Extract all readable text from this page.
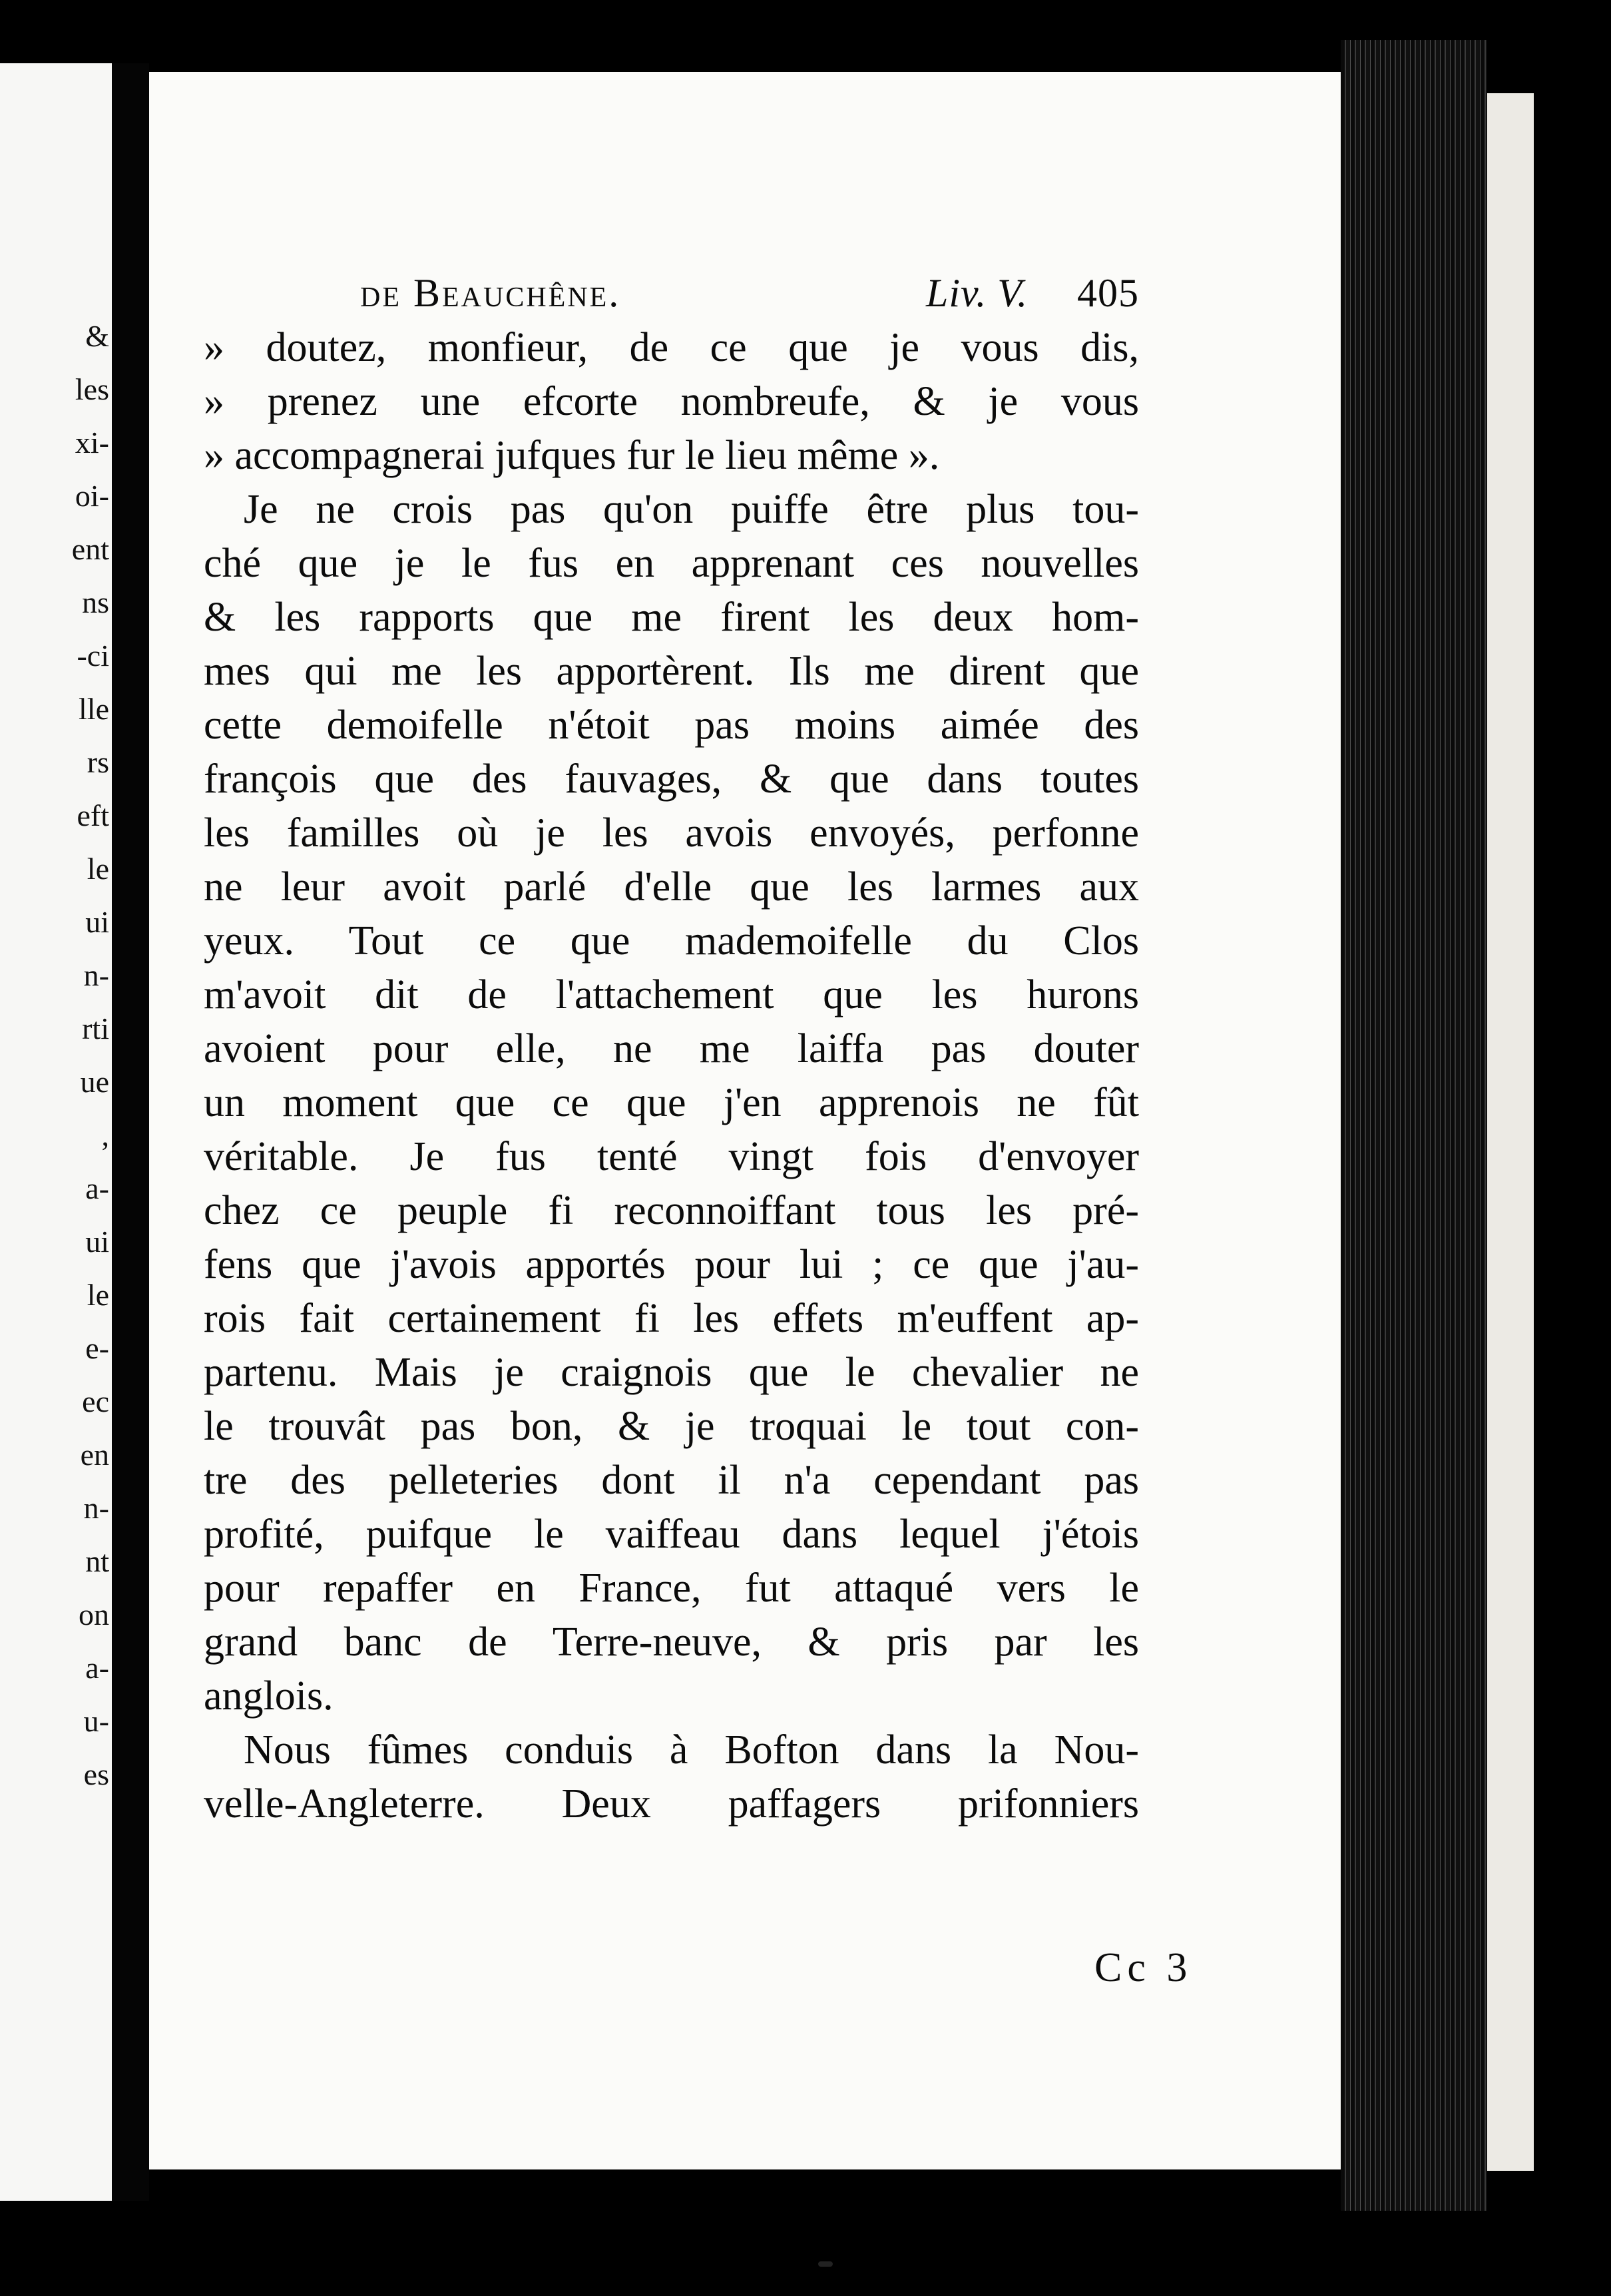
&
les
xi-
oi-
ent
ns
-ci
lle
rs
eft
le
ui
n-
rti
ue
,
a-
ui
le
e-
ec
en
n-
nt
on
a-
u-
es
de Beauchêne.	Liv. V. 405
» doutez, monfieur, de ce que je vous dis,
» prenez une efcorte nombreufe, & je vous
» accompagnerai jufques fur le lieu même ».
Je ne crois pas qu'on puiffe être plus tou-
ché que je le fus en apprenant ces nouvelles
& les rapports que me firent les deux hom-
mes qui me les apportèrent. Ils me dirent que
cette demoifelle n'étoit pas moins aimée des
françois que des fauvages, & que dans toutes
les familles où je les avois envoyés, perfonne
ne leur avoit parlé d'elle que les larmes aux
yeux. Tout ce que mademoifelle du Clos
m'avoit dit de l'attachement que les hurons
avoient pour elle, ne me laiffa pas douter
un moment que ce que j'en apprenois ne fût
véritable. Je fus tenté vingt fois d'envoyer
chez ce peuple fi reconnoiffant tous les pré-
fens que j'avois apportés pour lui ; ce que j'au-
rois fait certainement fi les effets m'euffent ap-
partenu. Mais je craignois que le chevalier ne
le trouvât pas bon, & je troquai le tout con-
tre des pelleteries dont il n'a cependant pas
profité, puifque le vaiffeau dans lequel j'étois
pour repaffer en France, fut attaqué vers le
grand banc de Terre-neuve, & pris par les
anglois.
Nous fûmes conduis à Bofton dans la Nou-
velle-Angleterre. Deux paffagers prifonniers
Cc 3
